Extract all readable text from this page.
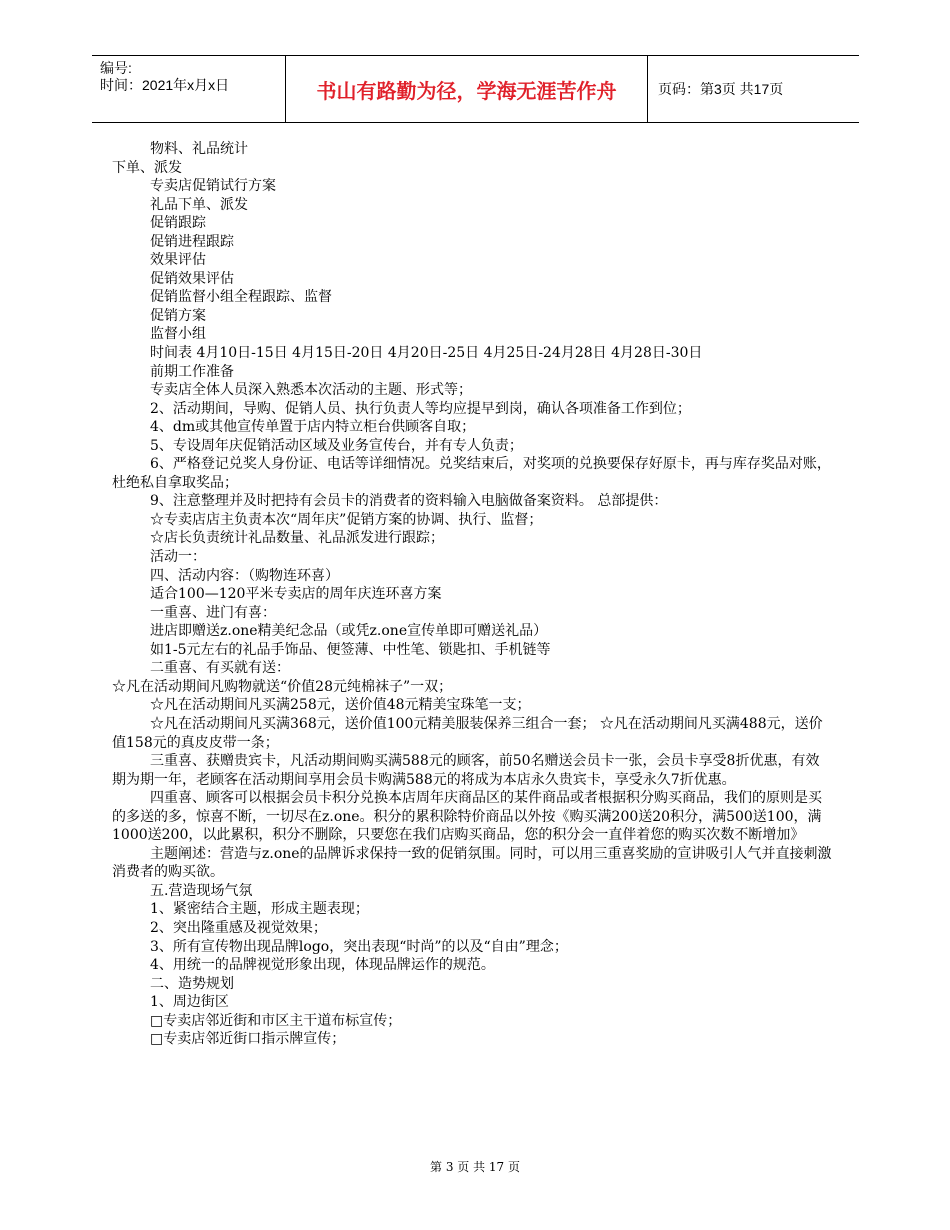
编号:
时间：2021年x月x日	书山有路勤为径，学海无涯苦作舟	页码：第3页 共17页

物料、礼品统计

下单、派发

专卖店促销试行方案

礼品下单、派发

促销跟踪

促销进程跟踪

效果评估

促销效果评估

促销监督小组全程跟踪、监督

促销方案

监督小组

时间表 4月10日-15日 4月15日-20日 4月20日-25日 4月25日-24月28日 4月28日-30日

前期工作准备

专卖店全体人员深入熟悉本次活动的主题、形式等；

2、活动期间，导购、促销人员、执行负责人等均应提早到岗，确认各项准备工作到位；

4、dm或其他宣传单置于店内特立柜台供顾客自取；

5、专设周年庆促销活动区域及业务宣传台，并有专人负责；

6、严格登记兑奖人身份证、电话等详细情况。兑奖结束后，对奖项的兑换要保存好原卡，再与库存奖品对账，杜绝私自拿取奖品；

9、注意整理并及时把持有会员卡的消费者的资料输入电脑做备案资料。 总部提供：

☆专卖店店主负责本次“周年庆”促销方案的协调、执行、监督；

☆店长负责统计礼品数量、礼品派发进行跟踪；

活动一：

四、活动内容：（购物连环喜）

适合100—120平米专卖店的周年庆连环喜方案

一重喜、进门有喜：

进店即赠送z.one精美纪念品（或凭z.one宣传单即可赠送礼品）

如1-5元左右的礼品手饰品、便签薄、中性笔、锁匙扣、手机链等

二重喜、有买就有送：

☆凡在活动期间凡购物就送“价值28元纯棉袜子”一双；

☆凡在活动期间凡买满258元，送价值48元精美宝珠笔一支；

☆凡在活动期间凡买满368元，送价值100元精美服装保养三组合一套； ☆凡在活动期间凡买满488元，送价值158元的真皮皮带一条；

三重喜、获赠贵宾卡，凡活动期间购买满588元的顾客，前50名赠送会员卡一张，会员卡享受8折优惠，有效期为期一年，老顾客在活动期间享用会员卡购满588元的将成为本店永久贵宾卡，享受永久7折优惠。

四重喜、顾客可以根据会员卡积分兑换本店周年庆商品区的某件商品或者根据积分购买商品，我们的原则是买的多送的多，惊喜不断，一切尽在z.one。积分的累积除特价商品以外按《购买满200送20积分，满500送100，满1000送200，以此累积，积分不删除，只要您在我们店购买商品，您的积分会一直伴着您的购买次数不断增加》

主题阐述：营造与z.one的品牌诉求保持一致的促销氛围。同时，可以用三重喜奖励的宣讲吸引人气并直接刺激消费者的购买欲。

五.营造现场气氛

1、紧密结合主题，形成主题表现；

2、突出隆重感及视觉效果；

3、所有宣传物出现品牌logo，突出表现“时尚”的以及“自由”理念；

4、用统一的品牌视觉形象出现，体现品牌运作的规范。

二、造势规划

1、周边街区

□专卖店邻近街和市区主干道布标宣传；

□专卖店邻近街口指示牌宣传；

第 3 页 共 17 页
